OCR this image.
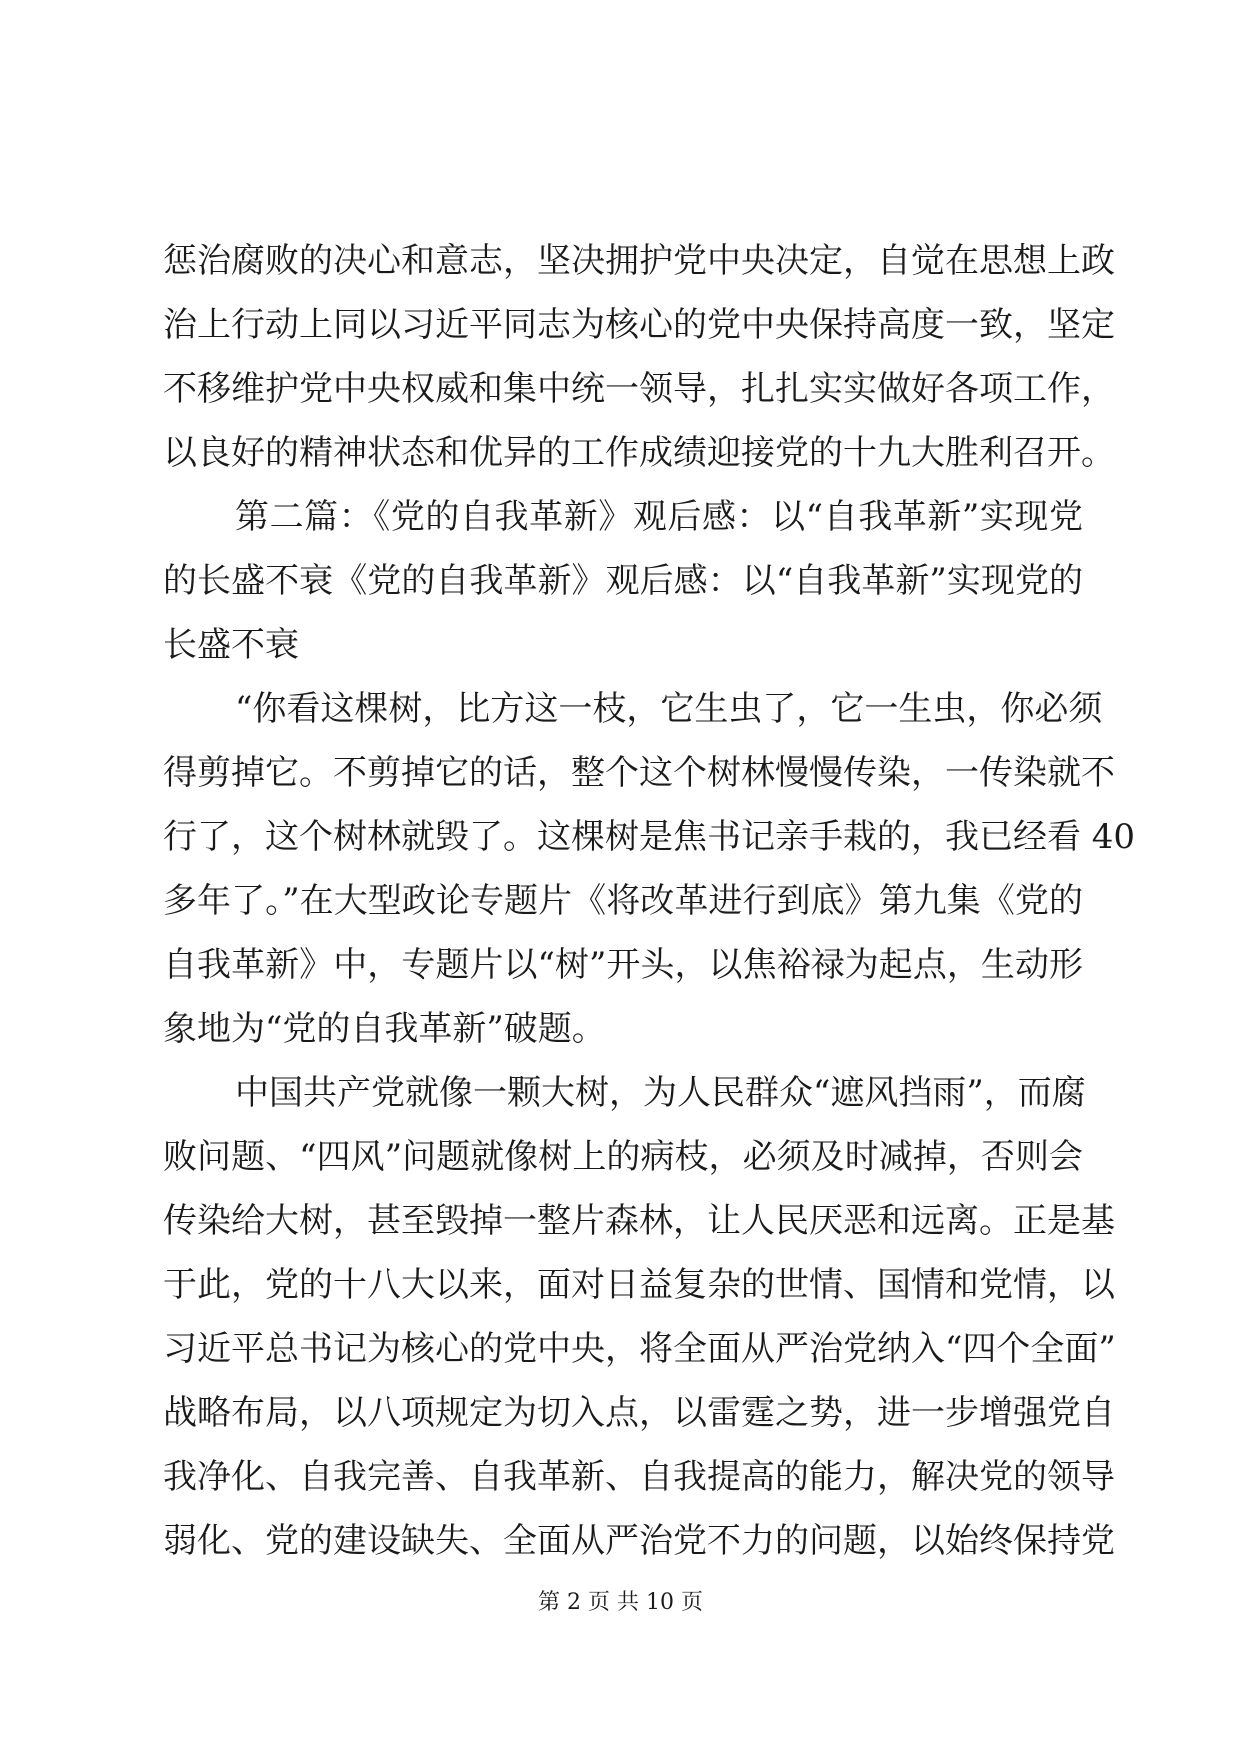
惩治腐败的决心和意志，坚决拥护党中央决定，自觉在思想上政
治上行动上同以习近平同志为核心的党中央保持高度一致，坚定
不移维护党中央权威和集中统一领导，扎扎实实做好各项工作，
以良好的精神状态和优异的工作成绩迎接党的十九大胜利召开。
第二篇：《党的自我革新》观后感：以“自我革新”实现党
的长盛不衰《党的自我革新》观后感：以“自我革新”实现党的
长盛不衰
“你看这棵树，比方这一枝，它生虫了，它一生虫，你必须
得剪掉它。不剪掉它的话，整个这个树林慢慢传染，一传染就不
行了，这个树林就毁了。这棵树是焦书记亲手栽的，我已经看 40
多年了。”在大型政论专题片《将改革进行到底》第九集《党的
自我革新》中，专题片以“树”开头，以焦裕禄为起点，生动形
象地为“党的自我革新”破题。
中国共产党就像一颗大树，为人民群众“遮风挡雨”，而腐
败问题、“四风”问题就像树上的病枝，必须及时减掉，否则会
传染给大树，甚至毁掉一整片森林，让人民厌恶和远离。正是基
于此，党的十八大以来，面对日益复杂的世情、国情和党情，以
习近平总书记为核心的党中央，将全面从严治党纳入“四个全面”
战略布局，以八项规定为切入点，以雷霆之势，进一步增强党自
我净化、自我完善、自我革新、自我提高的能力，解决党的领导
弱化、党的建设缺失、全面从严治党不力的问题，以始终保持党
第 2 页 共 10 页
